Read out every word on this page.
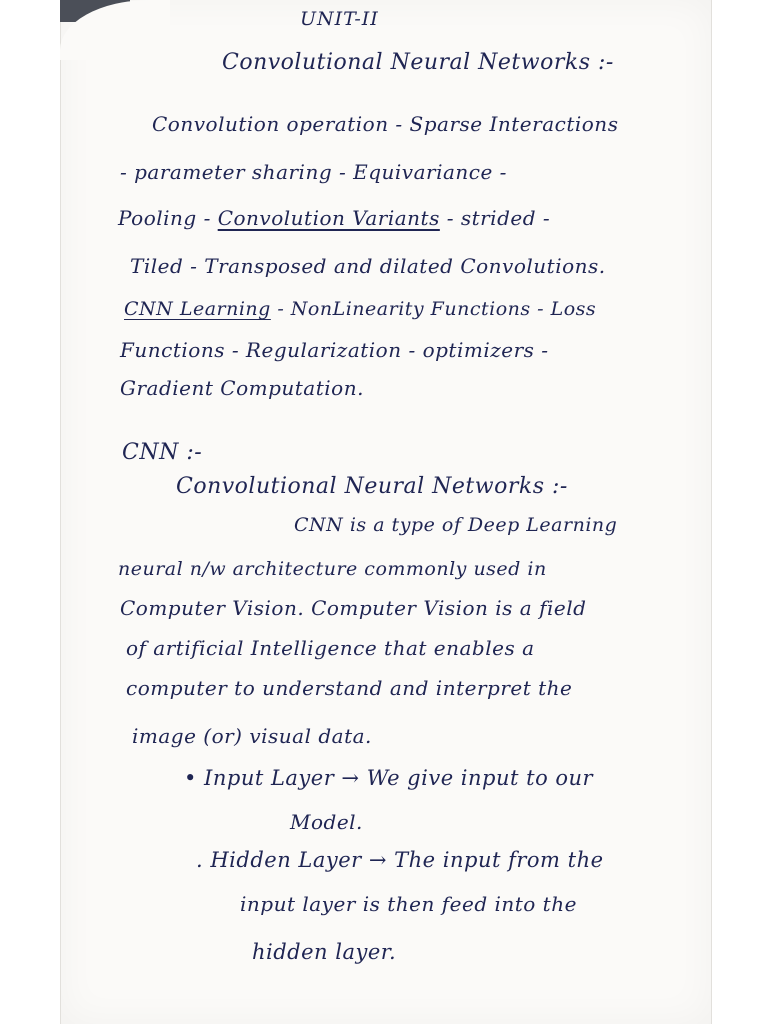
UNIT-II
Convolutional Neural Networks :-
Convolution operation - Sparse Interactions
- parameter sharing - Equivariance -
Pooling - Convolution Variants - strided -
Tiled - Transposed and dilated Convolutions.
CNN Learning - NonLinearity Functions - Loss
Functions - Regularization - optimizers -
Gradient Computation.
CNN :-
Convolutional Neural Networks :-
CNN is a type of Deep Learning
neural n/w architecture commonly used in
Computer Vision. Computer Vision is a field
of artificial Intelligence that enables a
computer to understand and interpret the
image (or) visual data.
• Input Layer → We give input to our
Model.
. Hidden Layer → The input from the
input layer is then feed into the
hidden layer.
